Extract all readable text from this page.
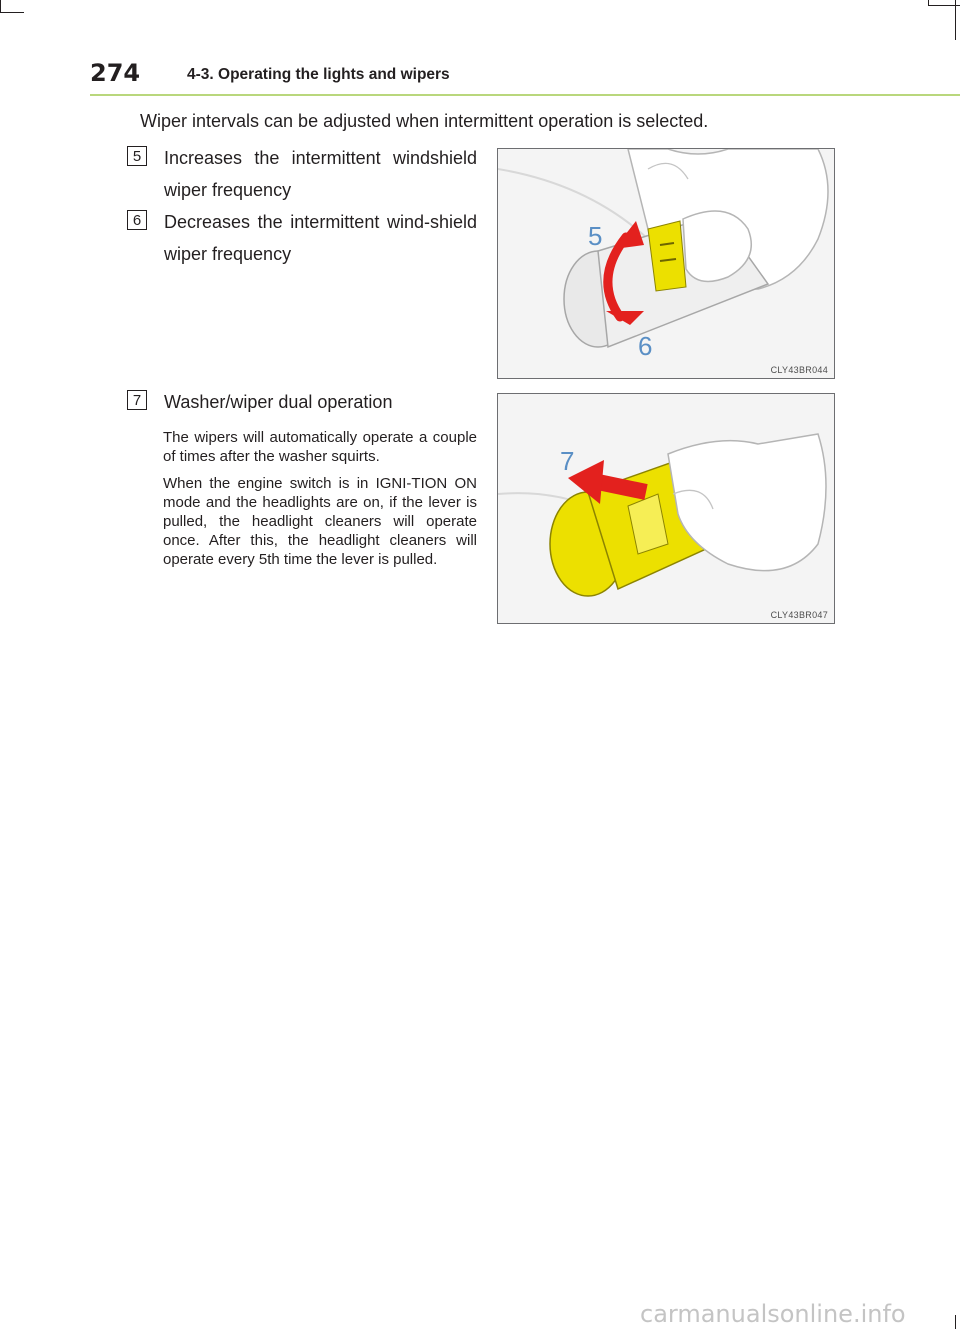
274	4-3. Operating the lights and wipers
Wiper intervals can be adjusted when intermittent operation is selected.
5	Increases the intermittent windshield wiper frequency
6	Decreases the intermittent wind-shield wiper frequency
7	Washer/wiper dual operation
The wipers will automatically operate a couple of times after the washer squirts.
When the engine switch is in IGNI-TION ON mode and the headlights are on, if the lever is pulled, the headlight cleaners will operate once. After this, the headlight cleaners will operate every 5th time the lever is pulled.
5
6
CLY43BR044
7
CLY43BR047
carmanualsonline.info
